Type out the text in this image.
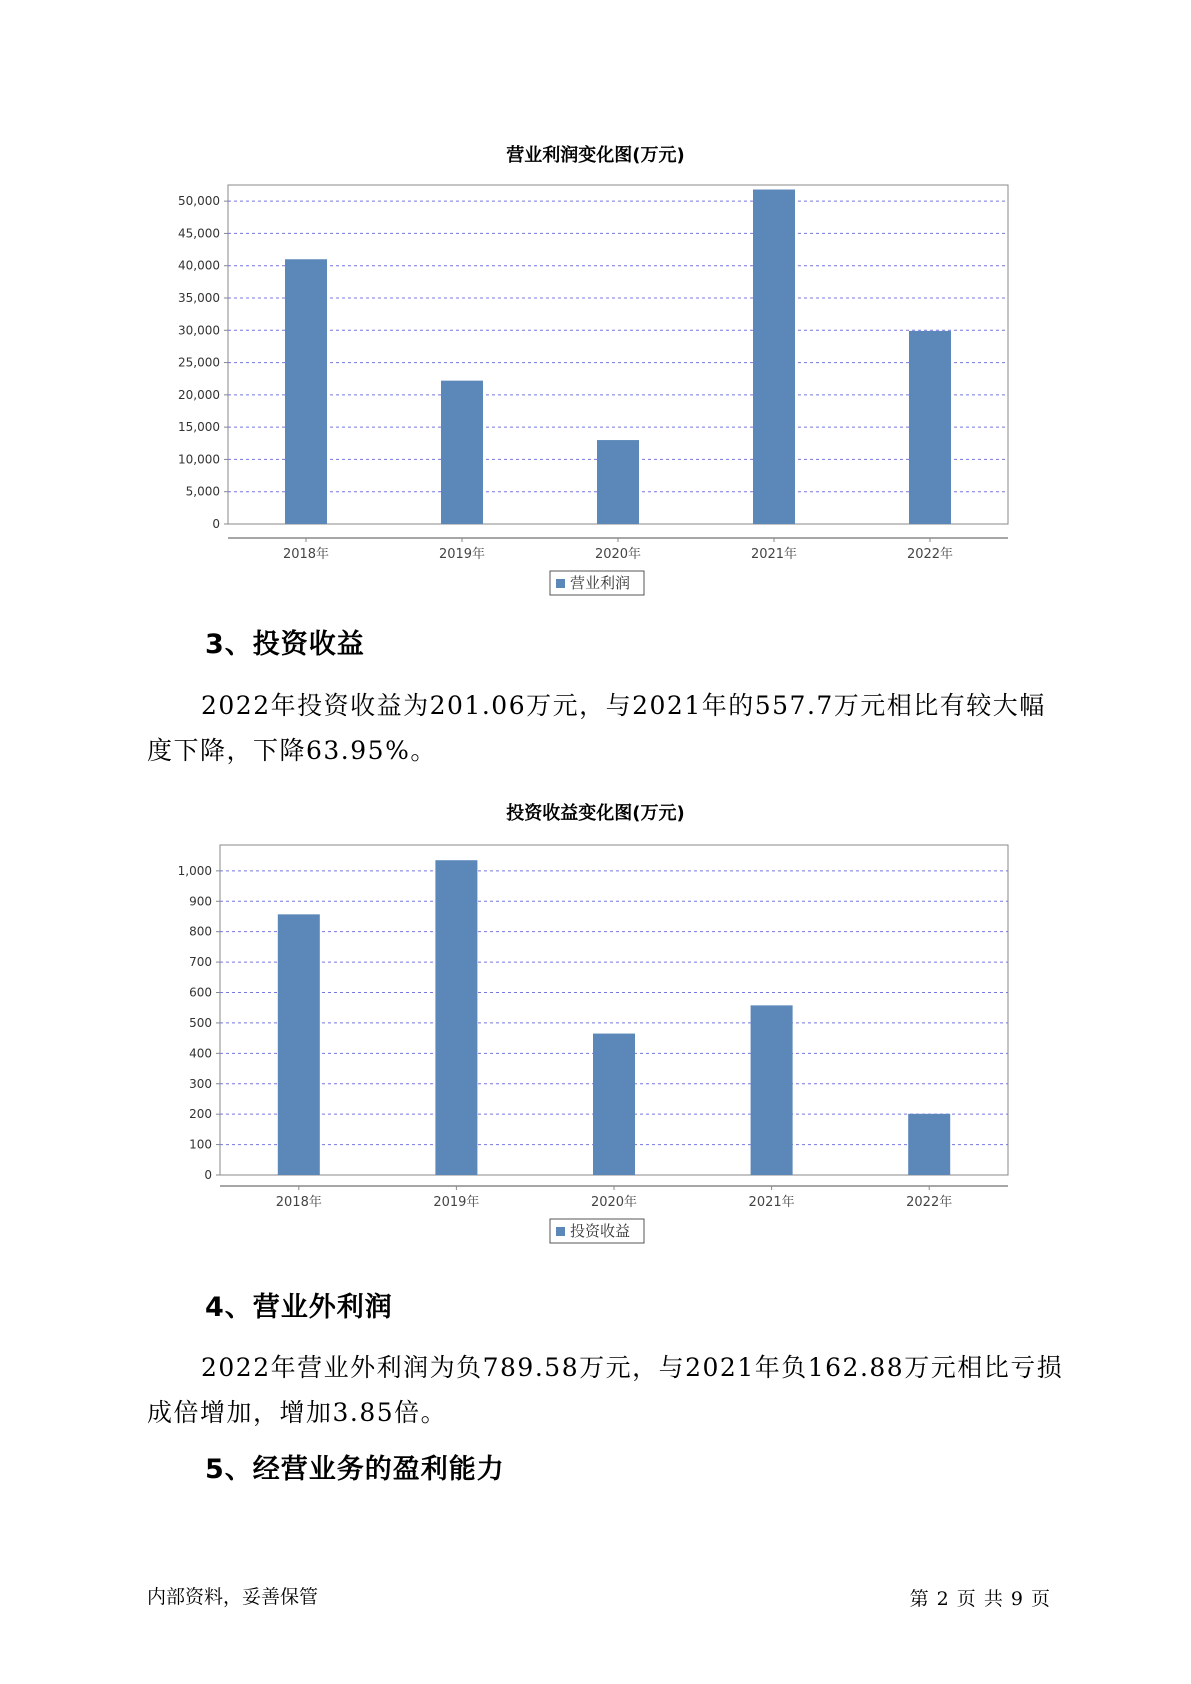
营业利润变化图(万元)
0
5,000
10,000
15,000
20,000
25,000
30,000
35,000
40,000
45,000
50,000
2018年	2019年	2020年	2021年	2022年
营业利润
3、投资收益
2022年投资收益为201.06万元，与2021年的557.7万元相比有较大幅度下降，下降63.95%。
投资收益变化图(万元)
0
100
200
300
400
500
600
700
800
900
1,000
2018年	2019年	2020年	2021年	2022年
投资收益
4、营业外利润
2022年营业外利润为负789.58万元，与2021年负162.88万元相比亏损成倍增加，增加3.85倍。
5、经营业务的盈利能力
内部资料，妥善保管	第 2 页 共 9 页
